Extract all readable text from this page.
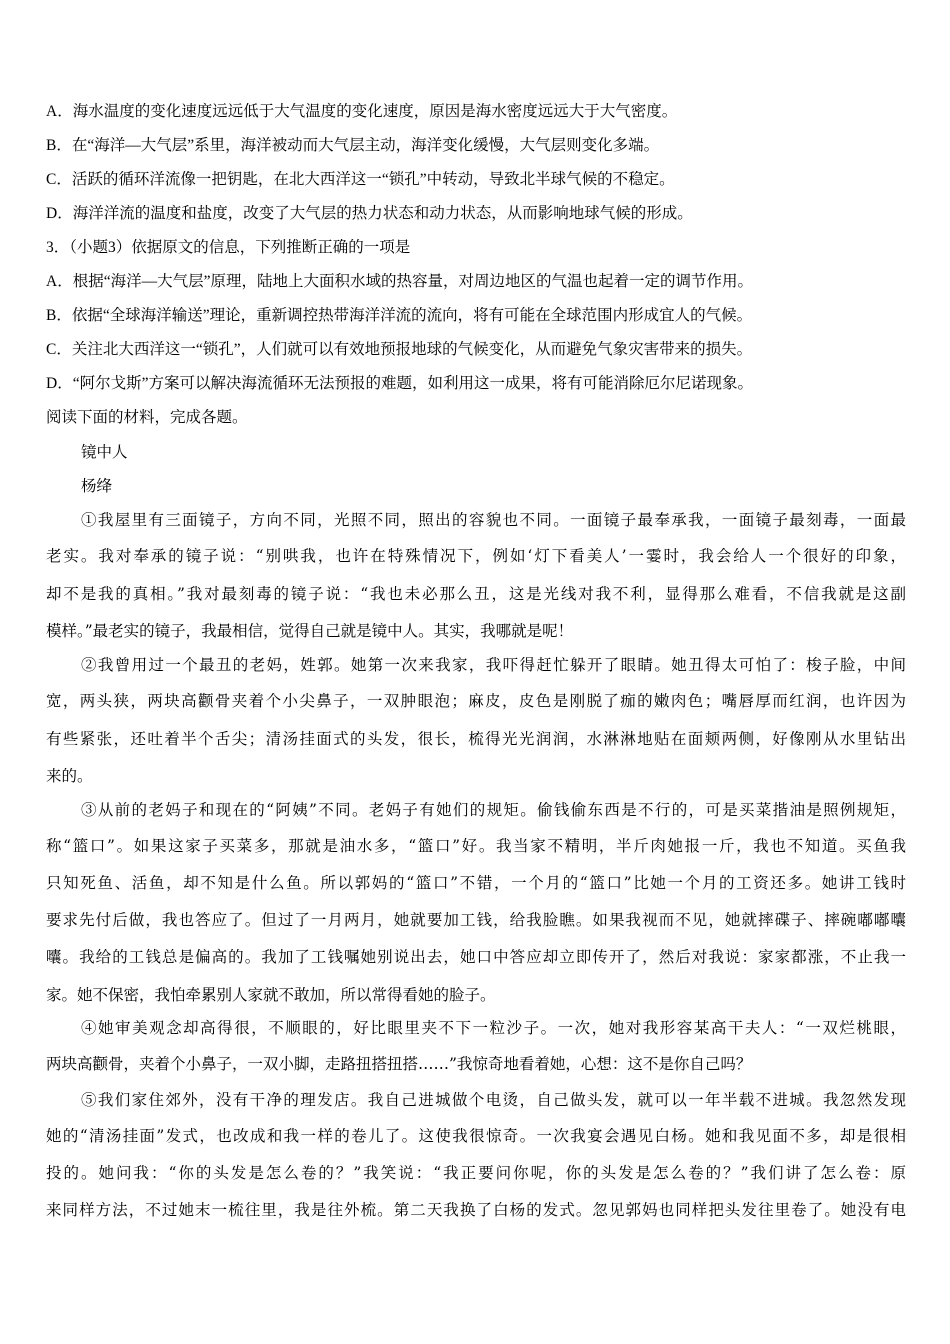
A．海水温度的变化速度远远低于大气温度的变化速度，原因是海水密度远远大于大气密度。
B．在“海洋—大气层”系里，海洋被动而大气层主动，海洋变化缓慢，大气层则变化多端。
C．活跃的循环洋流像一把钥匙，在北大西洋这一“锁孔”中转动，导致北半球气候的不稳定。
D．海洋洋流的温度和盐度，改变了大气层的热力状态和动力状态，从而影响地球气候的形成。
3．（小题3）依据原文的信息，下列推断正确的一项是
A．根据“海洋—大气层”原理，陆地上大面积水域的热容量，对周边地区的气温也起着一定的调节作用。
B．依据“全球海洋输送”理论，重新调控热带海洋洋流的流向，将有可能在全球范围内形成宜人的气候。
C．关注北大西洋这一“锁孔”，人们就可以有效地预报地球的气候变化，从而避免气象灾害带来的损失。
D．“阿尔戈斯”方案可以解决海流循环无法预报的难题，如利用这一成果，将有可能消除厄尔尼诺现象。
阅读下面的材料，完成各题。
镜中人
杨绛
①我屋里有三面镜子，方向不同，光照不同，照出的容貌也不同。一面镜子最奉承我，一面镜子最刻毒，一面最
老实。我对奉承的镜子说：“别哄我，也许在特殊情况下，例如‘灯下看美人’一霎时，我会给人一个很好的印象，
却不是我的真相。”我对最刻毒的镜子说：“我也未必那么丑，这是光线对我不利，显得那么难看，不信我就是这副
模样。”最老实的镜子，我最相信，觉得自己就是镜中人。其实，我哪就是呢！
②我曾用过一个最丑的老妈，姓郭。她第一次来我家，我吓得赶忙躲开了眼睛。她丑得太可怕了：梭子脸，中间
宽，两头狭，两块高颧骨夹着个小尖鼻子，一双肿眼泡；麻皮，皮色是刚脱了痂的嫩肉色；嘴唇厚而红润，也许因为
有些紧张，还吐着半个舌尖；清汤挂面式的头发，很长，梳得光光润润，水淋淋地贴在面颊两侧，好像刚从水里钻出
来的。
③从前的老妈子和现在的“阿姨”不同。老妈子有她们的规矩。偷钱偷东西是不行的，可是买菜揩油是照例规矩，
称“篮口”。如果这家子买菜多，那就是油水多，“篮口”好。我当家不精明，半斤肉她报一斤，我也不知道。买鱼我
只知死鱼、活鱼，却不知是什么鱼。所以郭妈的“篮口”不错，一个月的“篮口”比她一个月的工资还多。她讲工钱时
要求先付后做，我也答应了。但过了一月两月，她就要加工钱，给我脸瞧。如果我视而不见，她就摔碟子、摔碗嘟嘟囔
囔。我给的工钱总是偏高的。我加了工钱嘱她别说出去，她口中答应却立即传开了，然后对我说：家家都涨，不止我一
家。她不保密，我怕牵累别人家就不敢加，所以常得看她的脸子。
④她审美观念却高得很，不顺眼的，好比眼里夹不下一粒沙子。一次，她对我形容某高干夫人：“一双烂桃眼，
两块高颧骨，夹着个小鼻子，一双小脚，走路扭搭扭搭……”我惊奇地看着她，心想：这不是你自己吗？
⑤我们家住郊外，没有干净的理发店。我自己进城做个电烫，自己做头发，就可以一年半载不进城。我忽然发现
她的“清汤挂面”发式，也改成和我一样的卷儿了。这使我很惊奇。一次我宴会遇见白杨。她和我见面不多，却是很相
投的。她问我：“你的头发是怎么卷的？”我笑说：“我正要问你呢，你的头发是怎么卷的？”我们讲了怎么卷：原
来同样方法，不过她末一梳往里，我是往外梳。第二天我换了白杨的发式。忽见郭妈也同样把头发往里卷了。她没有电
